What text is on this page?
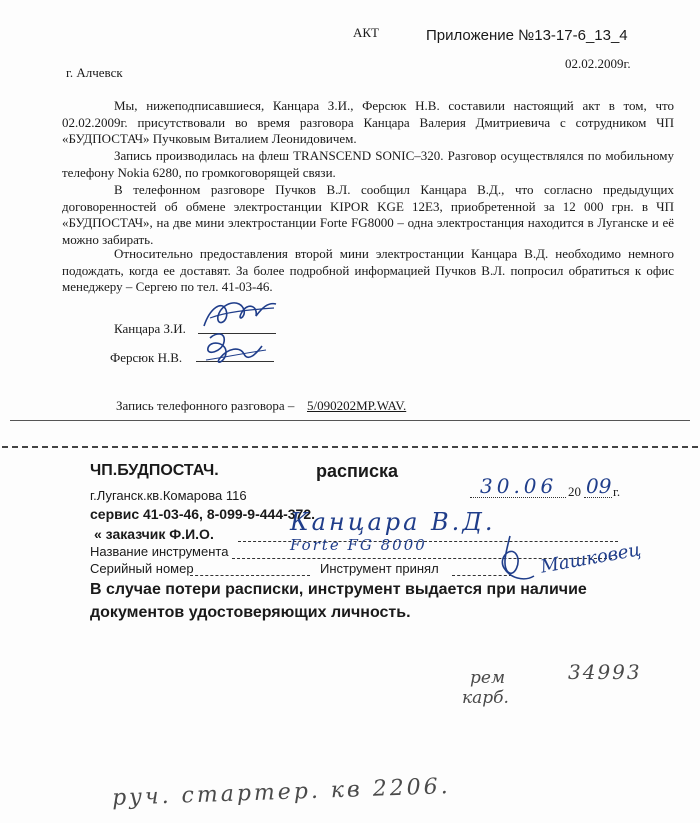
АКТ	Приложение №13-17-6_13_4
г. Алчевск
02.02.2009г.
Мы, нижеподписавшиеся, Канцара З.И., Ферсюк Н.В. составили настоящий акт в том, что 02.02.2009г. присутствовали во время разговора Канцара Валерия Дмитриевича с сотрудником ЧП «БУДПОСТАЧ» Пучковым Виталием Леонидовичем.
Запись производилась на флеш TRANSCEND SONIC–320. Разговор осуществлялся по мобильному телефону Nokia 6280, по громкоговорящей связи.
В телефонном разговоре Пучков В.Л. сообщил Канцара В.Д., что согласно предыдущих договоренностей об обмене электростанции KIPOR KGE 12E3, приобретенной за 12 000 грн. в ЧП «БУДПОСТАЧ», на две мини электростанции Forte FG8000 – одна электростанция находится в Луганске и её можно забирать.
Относительно предоставления второй мини электростанции Канцара В.Д. необходимо немного подождать, когда ее доставят. За более подробной информацией Пучков В.Л. попросил обратиться к офис менеджеру – Сергею по тел. 41-03-46.
Канцара З.И.
Ферсюк Н.В.
Запись телефонного разговора – 5/090202MP.WAV.
ЧП.БУДПОСТАЧ.	расписка
30.06 20 09 г.
г.Луганск.кв.Комарова 116
сервис 41-03-46, 8-099-9-444-372.
« заказчик Ф.И.О.	Канцара В.Д.
Название инструмента	Forte FG 8000
Серийный номер	Инструмент принял	Машковец
В случае потери расписки, инструмент выдается при наличие документов удостоверяющих личность.
рем
карб.
34993
руч. стартер. кв 2206.
